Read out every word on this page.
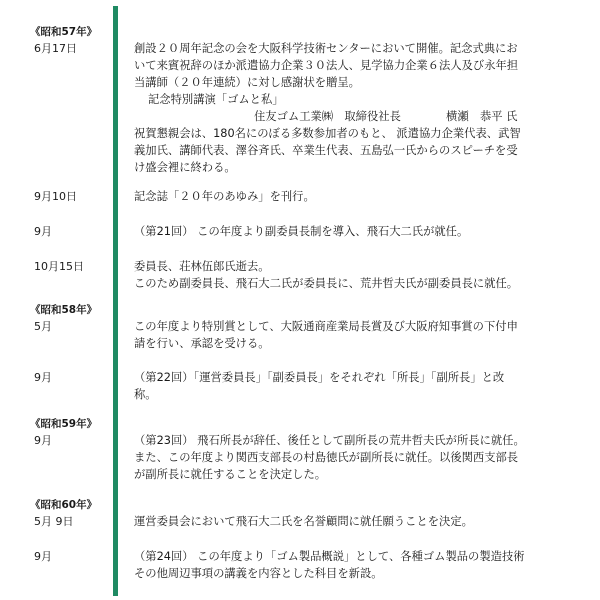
《昭和57年》
6月17日	創設２０周年記念の会を大阪科学技術センターにおいて開催。記念式典にお
いて来賓祝辞のほか派遣協力企業３０法人、見学協力企業６法人及び永年担
当講師（２０年連続）に対し感謝状を贈呈。
記念特別講演「ゴムと私」
住友ゴム工業㈱　取締役社長　　　　横瀬　恭平 氏
祝賀懇親会は、180名にのぼる多数参加者のもと、 派遣協力企業代表、武智
義加氏、講師代表、澤谷斉氏、卒業生代表、五島弘一氏からのスピーチを受
け盛会裡に終わる。
9月10日	記念誌「２０年のあゆみ」を刊行。
9月	（第21回） この年度より副委員長制を導入、飛石大二氏が就任。
10月15日	委員長、荘林伍郎氏逝去。
このため副委員長、飛石大二氏が委員長に、荒井哲夫氏が副委員長に就任。
《昭和58年》
5月	この年度より特別賞として、大阪通商産業局長賞及び大阪府知事賞の下付申
請を行い、承認を受ける。
9月	（第22回）「運営委員長」「副委員長」をそれぞれ「所長」「副所長」と改
称。
《昭和59年》
9月	（第23回） 飛石所長が辞任、後任として副所長の荒井哲夫氏が所長に就任。
また、この年度より関西支部長の村島徳氏が副所長に就任。以後関西支部長
が副所長に就任することを決定した。
《昭和60年》
5月 9日	運営委員会において飛石大二氏を名誉顧問に就任願うことを決定。
9月	（第24回） この年度より「ゴム製品概説」として、各種ゴム製品の製造技術
その他周辺事項の講義を内容とした科目を新設。
